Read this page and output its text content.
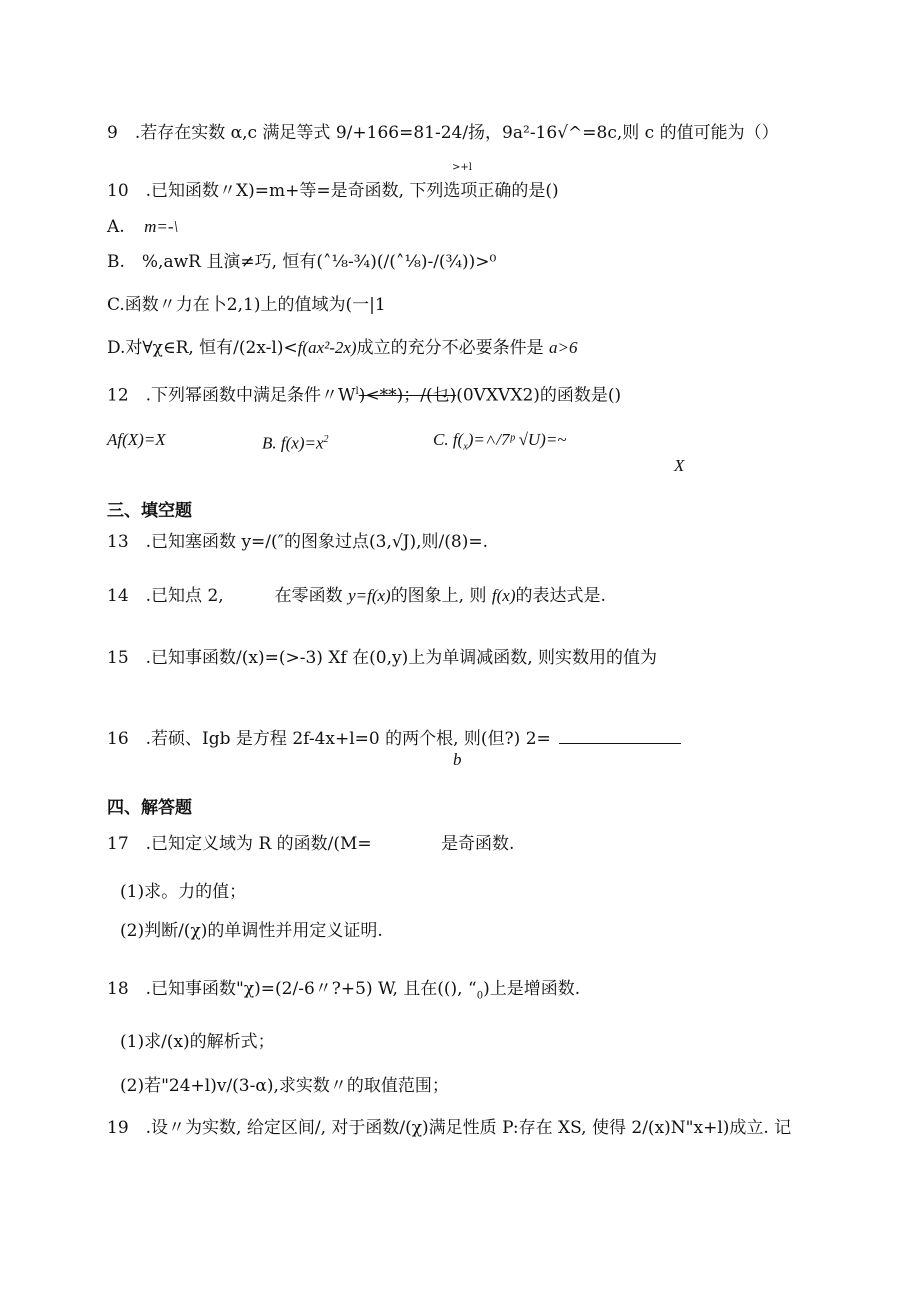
9　.若存在实数 α,c 满足等式 9/+166=81-24/扬，9a²-16√^=8c,则 c 的值可能为（）
>+l
10　.已知函数〃X)=m+等=是奇函数, 下列选项正确的是()
A. m=-\
B.　%,awR 且演≠巧, 恒有(˄⅛-¾)(/(˄⅛)-/(¾))>⁰
C.函数〃力在卜2,1)上的值域为(一|1
D.对∀χ∈R, 恒有/(2x-l)<f(ax²-2x)成立的充分不必要条件是 a>6
12　.下列幂函数中满足条件〃$W^l)<**$)；/(乜)(0VXVX2)的函数是()
Af(X)=X	B. $f(x)=x^2$	C. $f(_x)=˄/7ᵖ$ √U)=~
X
三、填空题
13　.已知塞函数 y=/(″的图象过点(3,√J),则/(8)=.
14　.已知点 2,　　　在零函数 y=f(x)的图象上, 则 f(x)的表达式是.
15　.已知事函数/(x)=(>-3) Xf 在(0,y)上为单调减函数, 则实数用的值为
16　.若硕、Igb 是方程 2f-4x+l=0 的两个根, 则(但?) 2=
b
四、解答题
17　.已知定义域为 R 的函数/(M=	是奇函数.
(1)求。力的值；
(2)判断/(χ)的单调性并用定义证明.
18　.已知事函数"χ)=(2/-6〃?+5) W, 且在((), “$_0$)上是增函数.
(1)求/(x)的解析式；
(2)若"24+l)v/(3-α),求实数〃的取值范围；
19　.设〃为实数, 给定区间/, 对于函数/(χ)满足性质 P:存在 XS, 使得 2/(x)N"x+l)成立. 记
